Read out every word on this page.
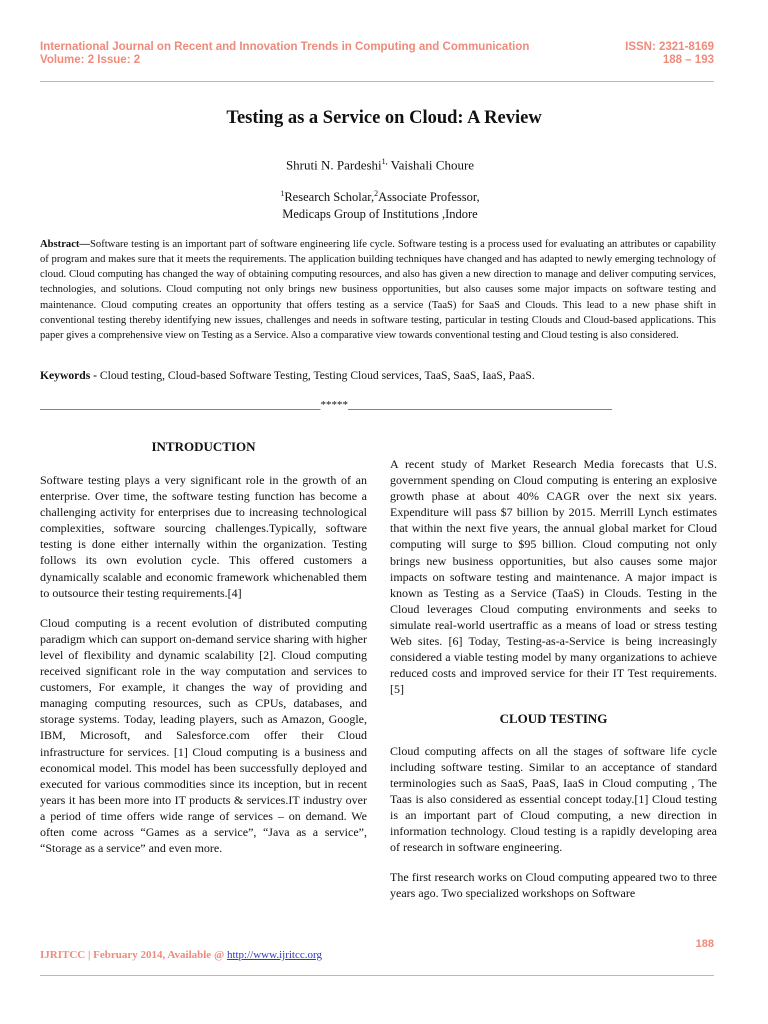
International Journal on Recent and Innovation Trends in Computing and Communication
Volume: 2 Issue: 2
ISSN: 2321-8169
188 – 193
Testing as a Service on Cloud: A Review
Shruti N. Pardeshi$^{1,}$ Vaishali Choure
$^1$Research Scholar,$^2$Associate Professor,
Medicaps Group of Institutions ,Indore
Abstract—Software testing is an important part of software engineering life cycle. Software testing is a process used for evaluating an attributes or capability of program and makes sure that it meets the requirements. The application building techniques have changed and has adapted to newly emerging technology of cloud. Cloud computing has changed the way of obtaining computing resources, and also has given a new direction to manage and deliver computing services, technologies, and solutions. Cloud computing not only brings new business opportunities, but also causes some major impacts on software testing and maintenance. Cloud computing creates an opportunity that offers testing as a service (TaaS) for SaaS and Clouds. This lead to a new phase shift in conventional testing thereby identifying new issues, challenges and needs in software testing, particular in testing Clouds and Cloud-based applications. This paper gives a comprehensive view on Testing as a Service. Also a comparative view towards conventional testing and Cloud testing is also considered.
Keywords - Cloud testing, Cloud-based Software Testing, Testing Cloud services, TaaS, SaaS, IaaS, PaaS.
___________________________________________________*****________________________________________________
INTRODUCTION

Software testing plays a very significant role in the growth of an enterprise. Over time, the software testing function has become a challenging activity for enterprises due to increasing technological complexities, software sourcing challenges.Typically, software testing is done either internally within the organization. Testing follows its own evolution cycle. This offered customers a dynamically scalable and economic framework whichenabled them to outsource their testing requirements.[4]

Cloud computing is a recent evolution of distributed computing paradigm which can support on-demand service sharing with higher level of flexibility and dynamic scalability [2]. Cloud computing received significant role in the way computation and services to customers, For example, it changes the way of providing and managing computing resources, such as CPUs, databases, and storage systems. Today, leading players, such as Amazon, Google, IBM, Microsoft, and Salesforce.com offer their Cloud infrastructure for services. [1] Cloud computing is a business and economical model. This model has been successfully deployed and executed for various commodities since its inception, but in recent years it has been more into IT products & services.IT industry over a period of time offers wide range of services – on demand. We often come across “Games as a service”, “Java as a service”, “Storage as a service” and even more.

A recent study of Market Research Media forecasts that U.S. government spending on Cloud computing is entering an explosive growth phase at about 40% CAGR over the next six years. Expenditure will pass $7 billion by 2015. Merrill Lynch estimates that within the next five years, the annual global market for Cloud computing will surge to $95 billion. Cloud computing not only brings new business opportunities, but also causes some major impacts on software testing and maintenance. A major impact is known as Testing as a Service (TaaS) in Clouds. Testing in the Cloud leverages Cloud computing environments and seeks to simulate real-world usertraffic as a means of load or stress testing Web sites. [6] Today, Testing-as-a-Service is being increasingly considered a viable testing model by many organizations to achieve reduced costs and improved service for their IT Test requirements. [5]

CLOUD TESTING

Cloud computing affects on all the stages of software life cycle including software testing. Similar to an acceptance of standard terminologies such as SaaS, PaaS, IaaS in Cloud computing , The Taas is also considered as essential concept today.[1] Cloud testing is an important part of Cloud computing, a new direction in information technology. Cloud testing is a rapidly developing area of research in software engineering.

The first research works on Cloud computing appeared two to three years ago. Two specialized workshops on Software

188
IJRITCC | February 2014, Available @ http://www.ijritcc.org
